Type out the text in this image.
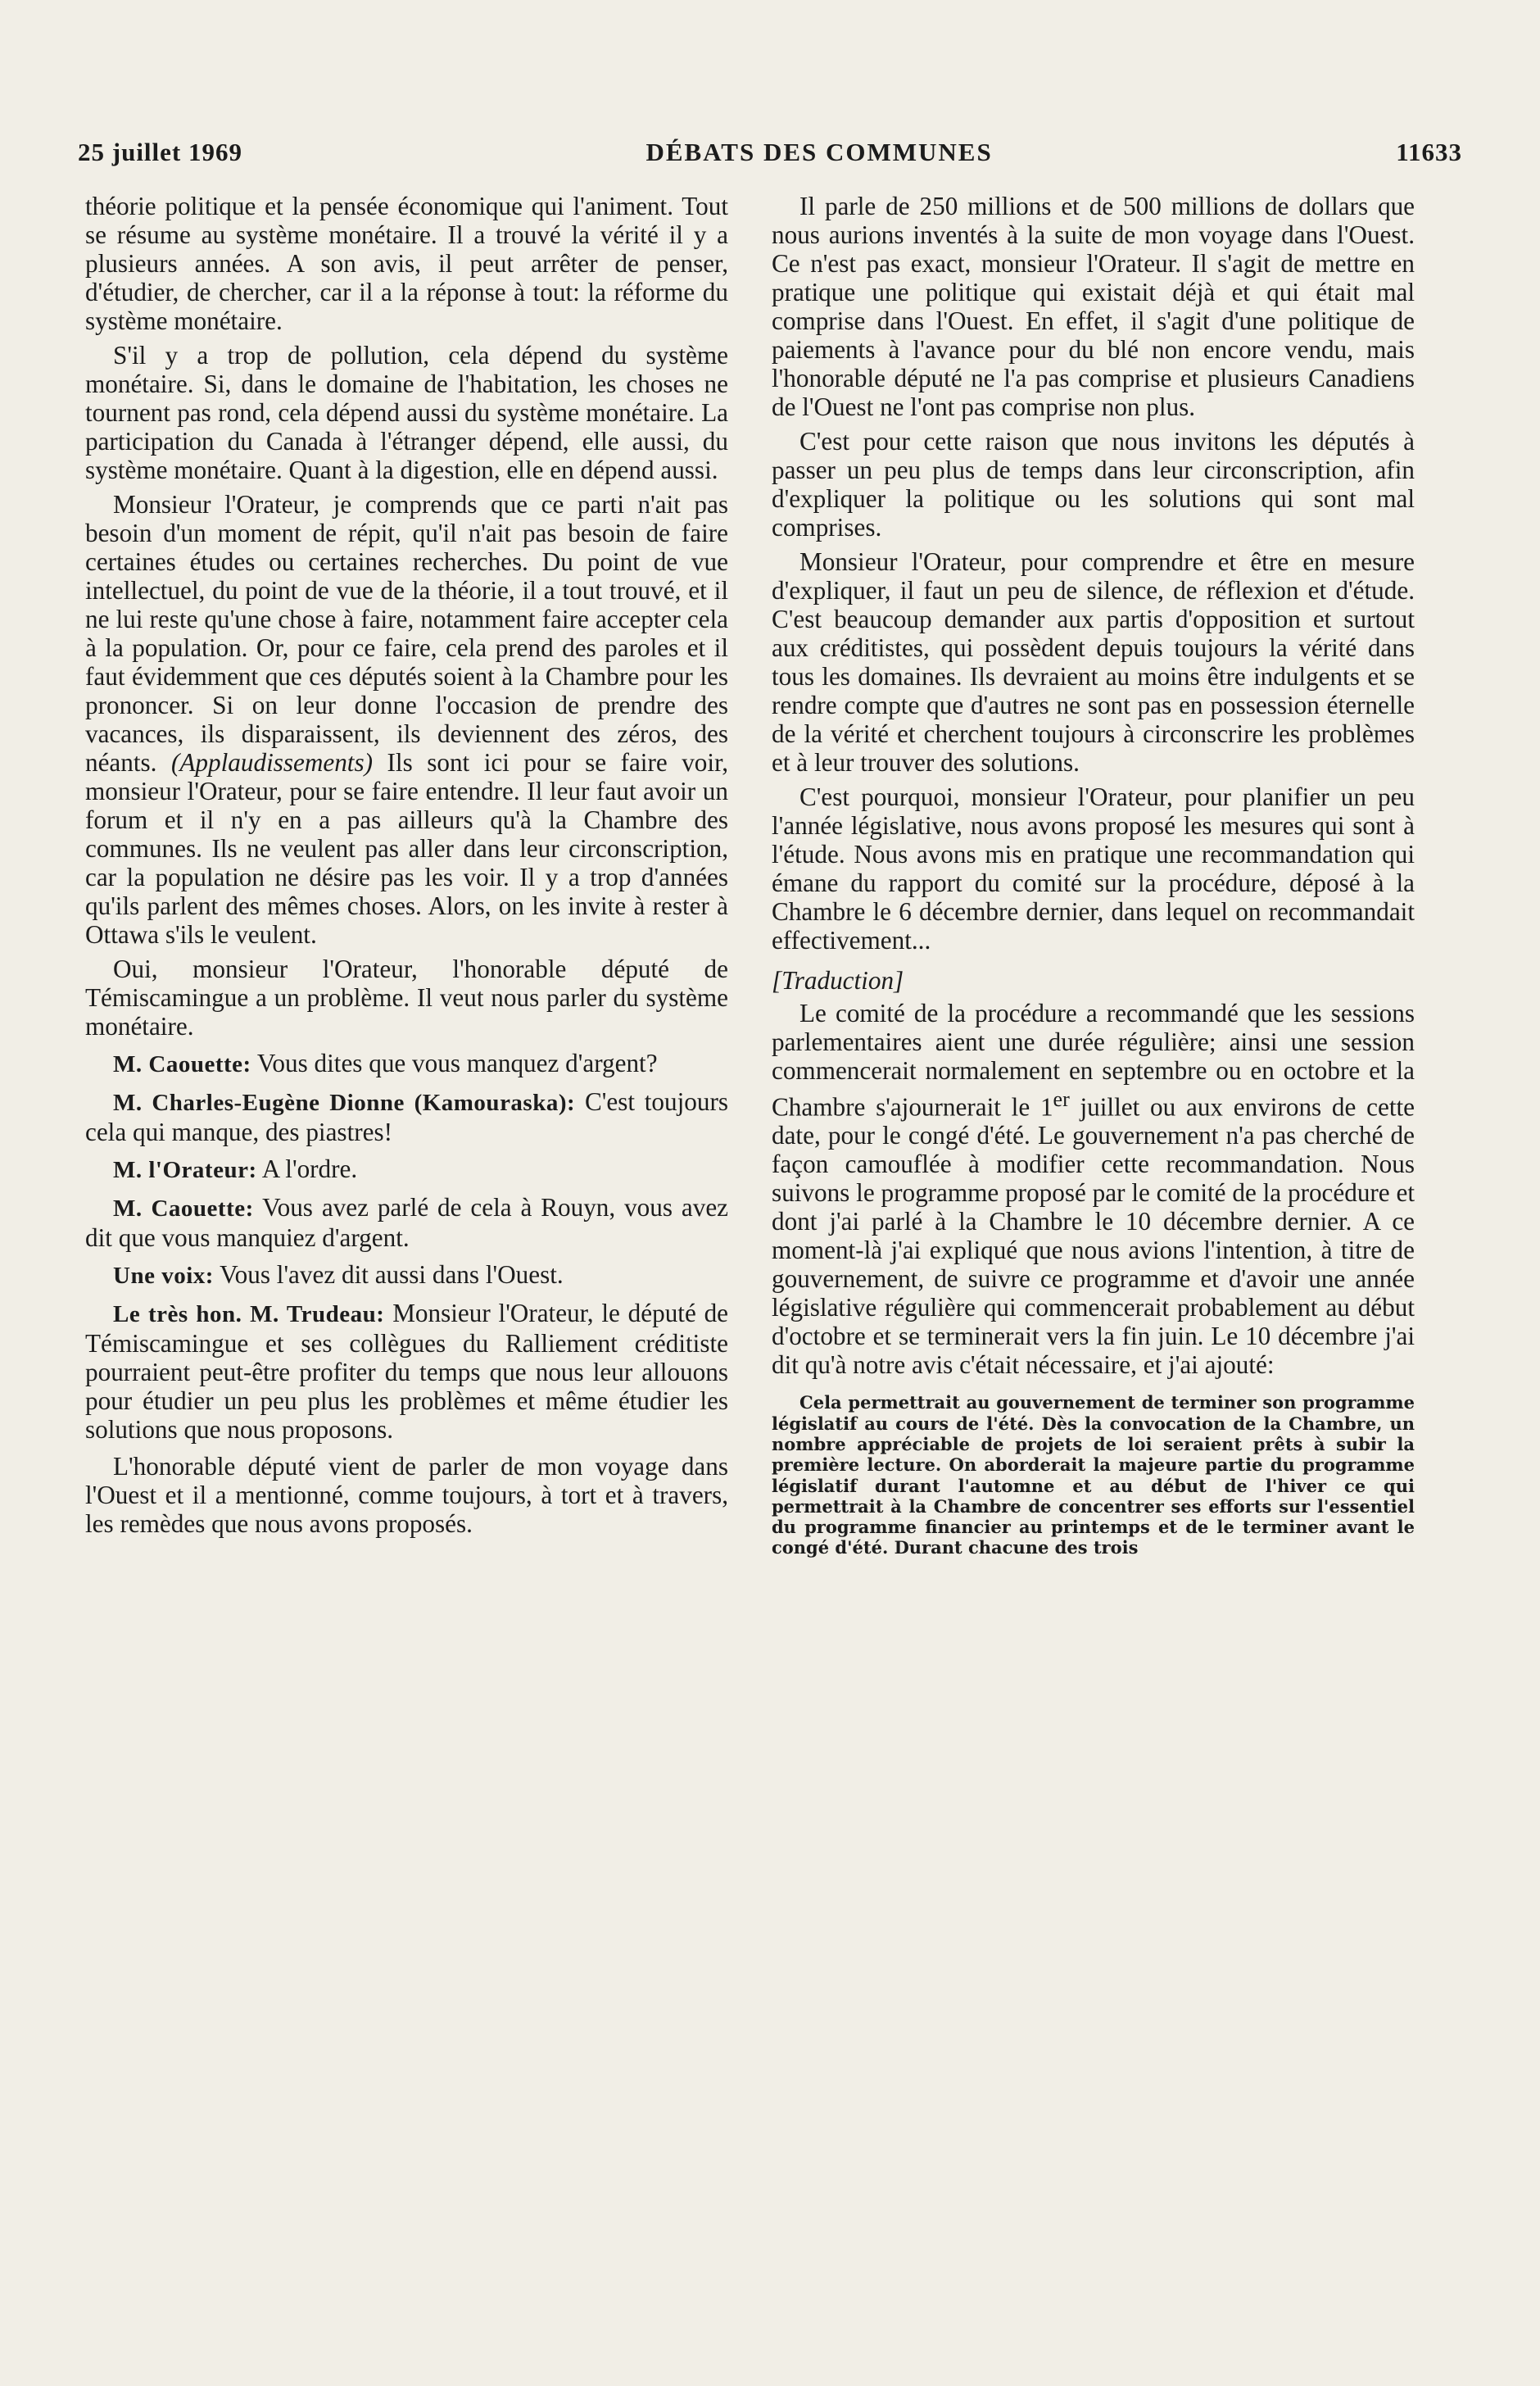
25 juillet 1969	DÉBATS DES COMMUNES	11633

théorie politique et la pensée économique qui l'animent. Tout se résume au système monétaire. Il a trouvé la vérité il y a plusieurs années. A son avis, il peut arrêter de penser, d'étudier, de chercher, car il a la réponse à tout: la réforme du système monétaire.

S'il y a trop de pollution, cela dépend du système monétaire. Si, dans le domaine de l'habitation, les choses ne tournent pas rond, cela dépend aussi du système monétaire. La participation du Canada à l'étranger dépend, elle aussi, du système monétaire. Quant à la digestion, elle en dépend aussi.

Monsieur l'Orateur, je comprends que ce parti n'ait pas besoin d'un moment de répit, qu'il n'ait pas besoin de faire certaines études ou certaines recherches. Du point de vue intellectuel, du point de vue de la théorie, il a tout trouvé, et il ne lui reste qu'une chose à faire, notamment faire accepter cela à la population. Or, pour ce faire, cela prend des paroles et il faut évidemment que ces députés soient à la Chambre pour les prononcer. Si on leur donne l'occasion de prendre des vacances, ils disparaissent, ils deviennent des zéros, des néants. (Applaudissements) Ils sont ici pour se faire voir, monsieur l'Orateur, pour se faire entendre. Il leur faut avoir un forum et il n'y en a pas ailleurs qu'à la Chambre des communes. Ils ne veulent pas aller dans leur circonscription, car la population ne désire pas les voir. Il y a trop d'années qu'ils parlent des mêmes choses. Alors, on les invite à rester à Ottawa s'ils le veulent.

Oui, monsieur l'Orateur, l'honorable député de Témiscamingue a un problème. Il veut nous parler du système monétaire.

M. Caouette: Vous dites que vous manquez d'argent?

M. Charles-Eugène Dionne (Kamouraska): C'est toujours cela qui manque, des piastres!

M. l'Orateur: A l'ordre.

M. Caouette: Vous avez parlé de cela à Rouyn, vous avez dit que vous manquiez d'argent.

Une voix: Vous l'avez dit aussi dans l'Ouest.

Le très hon. M. Trudeau: Monsieur l'Orateur, le député de Témiscamingue et ses collègues du Ralliement créditiste pourraient peut-être profiter du temps que nous leur allouons pour étudier un peu plus les problèmes et même étudier les solutions que nous proposons.

L'honorable député vient de parler de mon voyage dans l'Ouest et il a mentionné, comme toujours, à tort et à travers, les remèdes que nous avons proposés.

Il parle de 250 millions et de 500 millions de dollars que nous aurions inventés à la suite de mon voyage dans l'Ouest. Ce n'est pas exact, monsieur l'Orateur. Il s'agit de mettre en pratique une politique qui existait déjà et qui était mal comprise dans l'Ouest. En effet, il s'agit d'une politique de paiements à l'avance pour du blé non encore vendu, mais l'honorable député ne l'a pas comprise et plusieurs Canadiens de l'Ouest ne l'ont pas comprise non plus.

C'est pour cette raison que nous invitons les députés à passer un peu plus de temps dans leur circonscription, afin d'expliquer la politique ou les solutions qui sont mal comprises.

Monsieur l'Orateur, pour comprendre et être en mesure d'expliquer, il faut un peu de silence, de réflexion et d'étude. C'est beaucoup demander aux partis d'opposition et surtout aux créditistes, qui possèdent depuis toujours la vérité dans tous les domaines. Ils devraient au moins être indulgents et se rendre compte que d'autres ne sont pas en possession éternelle de la vérité et cherchent toujours à circonscrire les problèmes et à leur trouver des solutions.

C'est pourquoi, monsieur l'Orateur, pour planifier un peu l'année législative, nous avons proposé les mesures qui sont à l'étude. Nous avons mis en pratique une recommandation qui émane du rapport du comité sur la procédure, déposé à la Chambre le 6 décembre dernier, dans lequel on recommandait effectivement...

[Traduction]

Le comité de la procédure a recommandé que les sessions parlementaires aient une durée régulière; ainsi une session commencerait normalement en septembre ou en octobre et la Chambre s'ajournerait le 1er juillet ou aux environs de cette date, pour le congé d'été. Le gouvernement n'a pas cherché de façon camouflée à modifier cette recommandation. Nous suivons le programme proposé par le comité de la procédure et dont j'ai parlé à la Chambre le 10 décembre dernier. A ce moment-là j'ai expliqué que nous avions l'intention, à titre de gouvernement, de suivre ce programme et d'avoir une année législative régulière qui commencerait probablement au début d'octobre et se terminerait vers la fin juin. Le 10 décembre j'ai dit qu'à notre avis c'était nécessaire, et j'ai ajouté:

Cela permettrait au gouvernement de terminer son programme législatif au cours de l'été. Dès la convocation de la Chambre, un nombre appréciable de projets de loi seraient prêts à subir la première lecture. On aborderait la majeure partie du programme législatif durant l'automne et au début de l'hiver ce qui permettrait à la Chambre de concentrer ses efforts sur l'essentiel du programme financier au printemps et de le terminer avant le congé d'été. Durant chacune des trois
